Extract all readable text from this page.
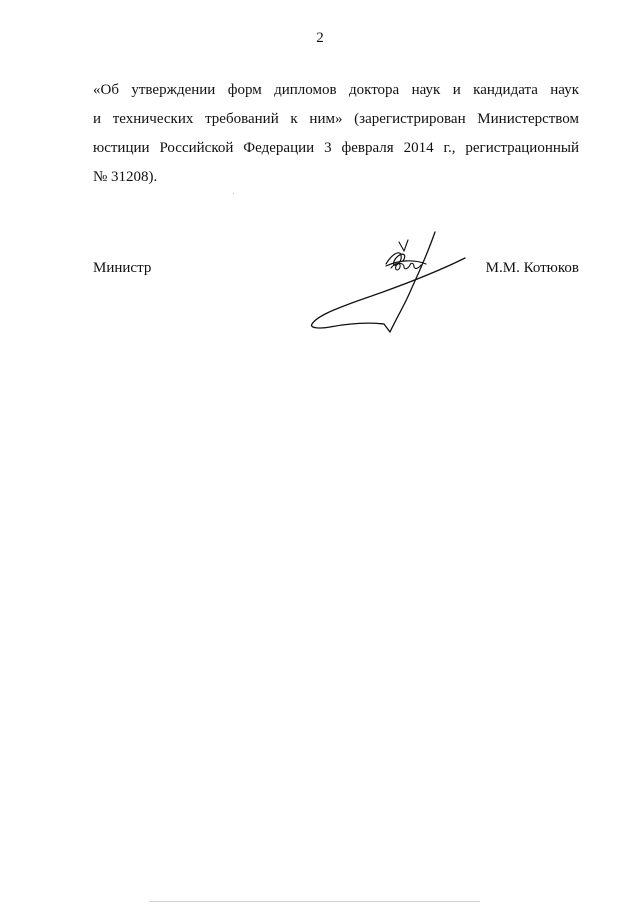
2
«Об утверждении форм дипломов доктора наук и кандидата наук
и технических требований к ним» (зарегистрирован Министерством
юстиции Российской Федерации 3 февраля 2014 г., регистрационный
№ 31208).
Министр	М.М. Котюков
